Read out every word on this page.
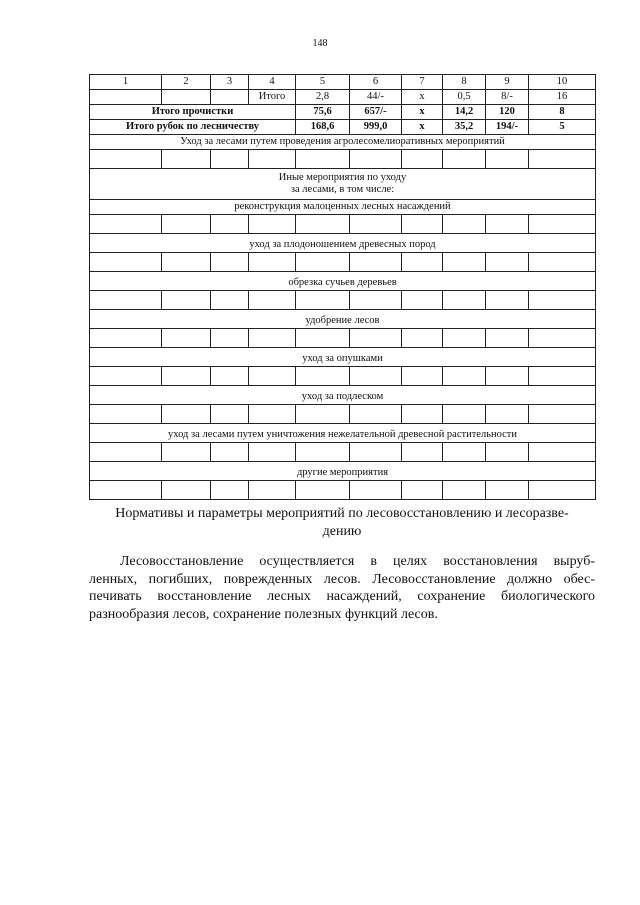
148
1	2	3	4	5	6	7	8	9	10
			Итого	2,8	44/-	x	0,5	8/-	16
Итого прочистки				75,6	657/-	x	14,2	120	8
Итого рубок по лесничеству				168,6	999,0	x	35,2	194/-	5
Уход за лесами путем проведения агролесомелиоративных мероприятий									

Иные мероприятия по уходу
за лесами, в том числе:									

реконструкция малоценных лесных насаждений									

уход за плодоношением древесных пород									

обрезка сучьев деревьев									

удобрение лесов									

уход за опушками									

уход за подлеском									

уход за лесами путем уничтожения нежелательной древесной растительности									

другие мероприятия									

Нормативы и параметры мероприятий по лесовосстановлению и лесоразве-
дению
Лесовосстановление осуществляется в целях восстановления выруб-
ленных, погибших, поврежденных лесов. Лесовосстановление должно обес-
печивать восстановление лесных насаждений, сохранение биологического
разнообразия лесов, сохранение полезных функций лесов.
